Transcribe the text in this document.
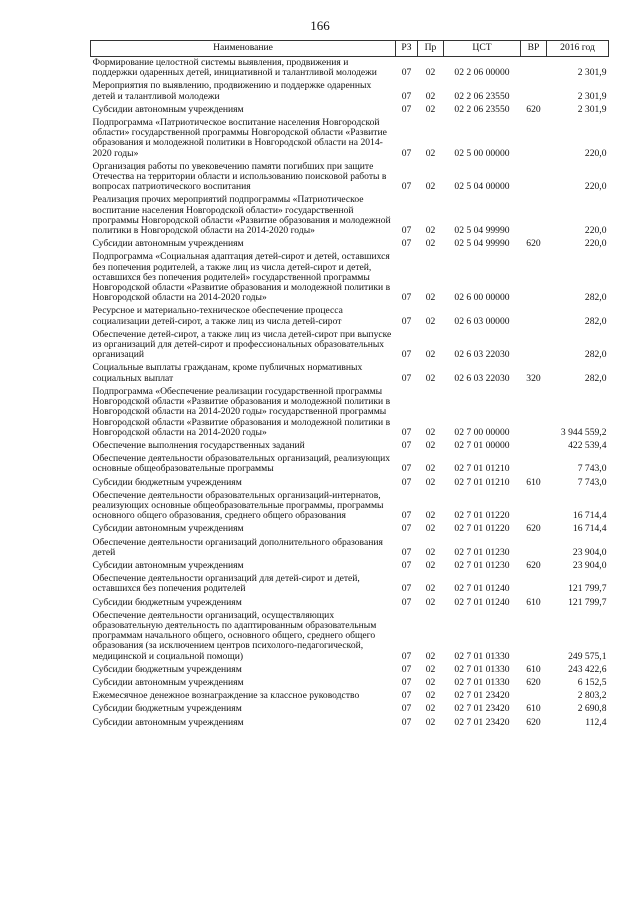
166
Наименование	РЗ	Пр	ЦСТ	ВР	2016 год
Формирование целостной системы выявления, продвижения и поддержки одаренных детей, инициативной и талантливой молодежи	07	02	02 2 06 00000		2 301,9
Мероприятия по выявлению, продвижению и поддержке одаренных детей и талантливой молодежи	07	02	02 2 06 23550		2 301,9
Субсидии автономным учреждениям	07	02	02 2 06 23550	620	2 301,9
Подпрограмма «Патриотическое воспитание населения Новгородской области» государственной программы Новгородской области «Развитие образования и молодежной политики в Новгородской области на 2014-2020 годы»	07	02	02 5 00 00000		220,0
Организация работы по увековечению памяти погибших при защите Отечества на территории области и использованию поисковой работы в вопросах патриотического воспитания	07	02	02 5 04 00000		220,0
Реализация прочих мероприятий подпрограммы «Патриотическое воспитание населения Новгородской области» государственной программы Новгородской области «Развитие образования и молодежной политики в Новгородской области на 2014-2020 годы»	07	02	02 5 04 99990		220,0
Субсидии автономным учреждениям	07	02	02 5 04 99990	620	220,0
Подпрограмма «Социальная адаптация детей-сирот и детей, оставшихся без попечения родителей, а также лиц из числа детей-сирот и детей, оставшихся без попечения родителей» государственной программы Новгородской области «Развитие образования и молодежной политики в Новгородской области на 2014-2020 годы»	07	02	02 6 00 00000		282,0
Ресурсное и материально-техническое обеспечение процесса социализации детей-сирот, а также лиц из числа детей-сирот	07	02	02 6 03 00000		282,0
Обеспечение детей-сирот, а также лиц из числа детей-сирот при выпуске из организаций для детей-сирот и профессиональных образовательных организаций	07	02	02 6 03 22030		282,0
Социальные выплаты гражданам, кроме публичных нормативных социальных выплат	07	02	02 6 03 22030	320	282,0
Подпрограмма «Обеспечение реализации государственной программы Новгородской области «Развитие образования и молодежной политики в Новгородской области на 2014-2020 годы» государственной программы Новгородской области «Развитие образования и молодежной политики в Новгородской области на 2014-2020 годы»	07	02	02 7 00 00000		3 944 559,2
Обеспечение выполнения государственных заданий	07	02	02 7 01 00000		422 539,4
Обеспечение деятельности образовательных организаций, реализующих основные общеобразовательные программы	07	02	02 7 01 01210		7 743,0
Субсидии бюджетным учреждениям	07	02	02 7 01 01210	610	7 743,0
Обеспечение деятельности образовательных организаций-интернатов, реализующих основные общеобразовательные программы, программы основного общего образования, среднего общего образования	07	02	02 7 01 01220		16 714,4
Субсидии автономным учреждениям	07	02	02 7 01 01220	620	16 714,4
Обеспечение деятельности организаций дополнительного образования детей	07	02	02 7 01 01230		23 904,0
Субсидии автономным учреждениям	07	02	02 7 01 01230	620	23 904,0
Обеспечение деятельности организаций для детей-сирот и детей, оставшихся без попечения родителей	07	02	02 7 01 01240		121 799,7
Субсидии бюджетным учреждениям	07	02	02 7 01 01240	610	121 799,7
Обеспечение деятельности организаций, осуществляющих образовательную деятельность по адаптированным образовательным программам начального общего, основного общего, среднего общего образования (за исключением центров психолого-педагогической, медицинской и социальной помощи)	07	02	02 7 01 01330		249 575,1
Субсидии бюджетным учреждениям	07	02	02 7 01 01330	610	243 422,6
Субсидии автономным учреждениям	07	02	02 7 01 01330	620	6 152,5
Ежемесячное денежное вознаграждение за классное руководство	07	02	02 7 01 23420		2 803,2
Субсидии бюджетным учреждениям	07	02	02 7 01 23420	610	2 690,8
Субсидии автономным учреждениям	07	02	02 7 01 23420	620	112,4
